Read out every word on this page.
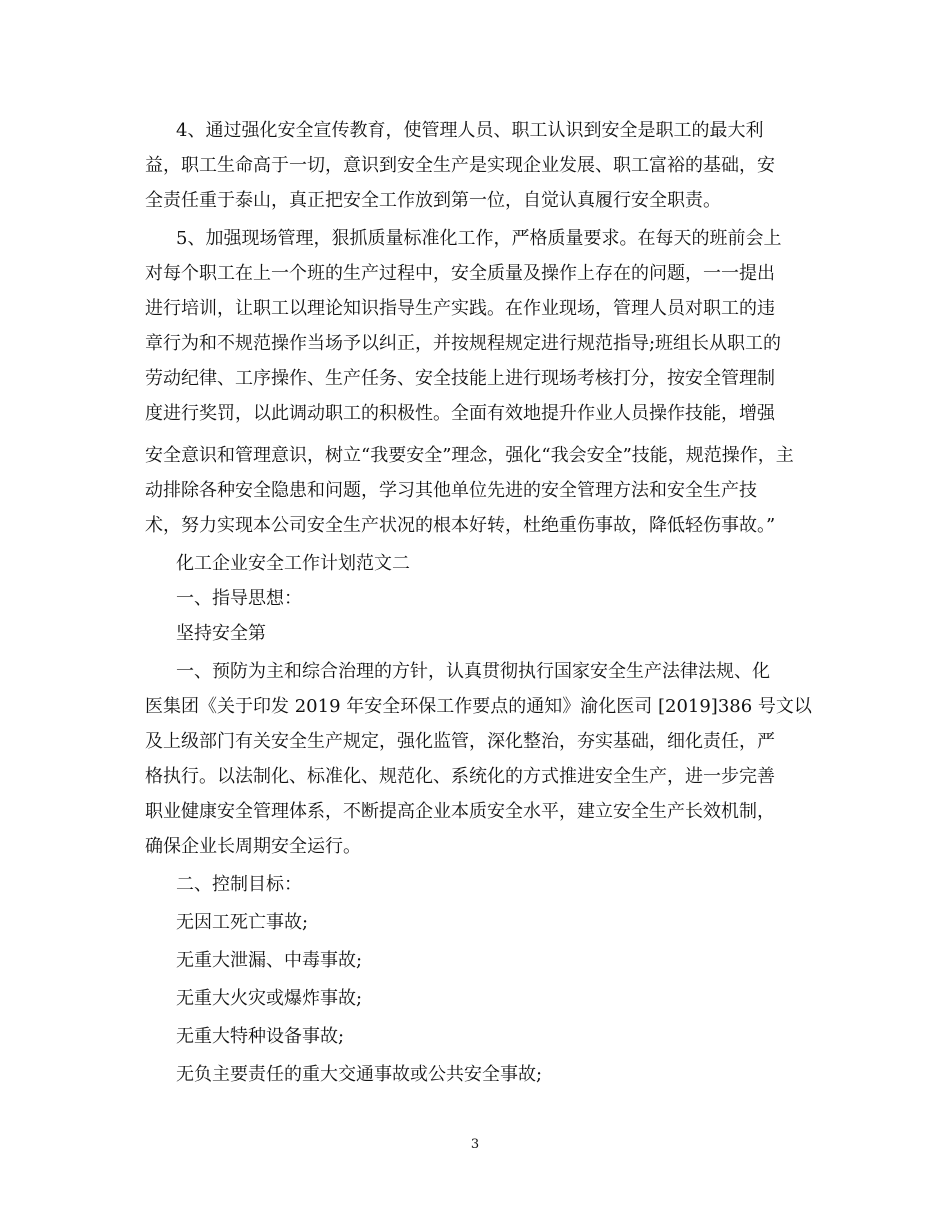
4、通过强化安全宣传教育，使管理人员、职工认识到安全是职工的最大利
益，职工生命高于一切，意识到安全生产是实现企业发展、职工富裕的基础，安
全责任重于泰山，真正把安全工作放到第一位，自觉认真履行安全职责。
5、加强现场管理，狠抓质量标准化工作，严格质量要求。在每天的班前会上
对每个职工在上一个班的生产过程中，安全质量及操作上存在的问题，一一提出
进行培训，让职工以理论知识指导生产实践。在作业现场，管理人员对职工的违
章行为和不规范操作当场予以纠正，并按规程规定进行规范指导;班组长从职工的
劳动纪律、工序操作、生产任务、安全技能上进行现场考核打分，按安全管理制
度进行奖罚，以此调动职工的积极性。全面有效地提升作业人员操作技能，增强
安全意识和管理意识，树立“我要安全”理念，强化“我会安全”技能，规范操作，主
动排除各种安全隐患和问题，学习其他单位先进的安全管理方法和安全生产技
术，努力实现本公司安全生产状况的根本好转，杜绝重伤事故，降低轻伤事故。”
化工企业安全工作计划范文二
一、指导思想：
坚持安全第
一、预防为主和综合治理的方针，认真贯彻执行国家安全生产法律法规、化
医集团《关于印发 2019 年安全环保工作要点的通知》渝化医司 [2019]386 号文以
及上级部门有关安全生产规定，强化监管，深化整治，夯实基础，细化责任，严
格执行。以法制化、标准化、规范化、系统化的方式推进安全生产，进一步完善
职业健康安全管理体系，不断提高企业本质安全水平，建立安全生产长效机制，
确保企业长周期安全运行。
二、控制目标：
无因工死亡事故;
无重大泄漏、中毒事故;
无重大火灾或爆炸事故;
无重大特种设备事故;
无负主要责任的重大交通事故或公共安全事故;
3
